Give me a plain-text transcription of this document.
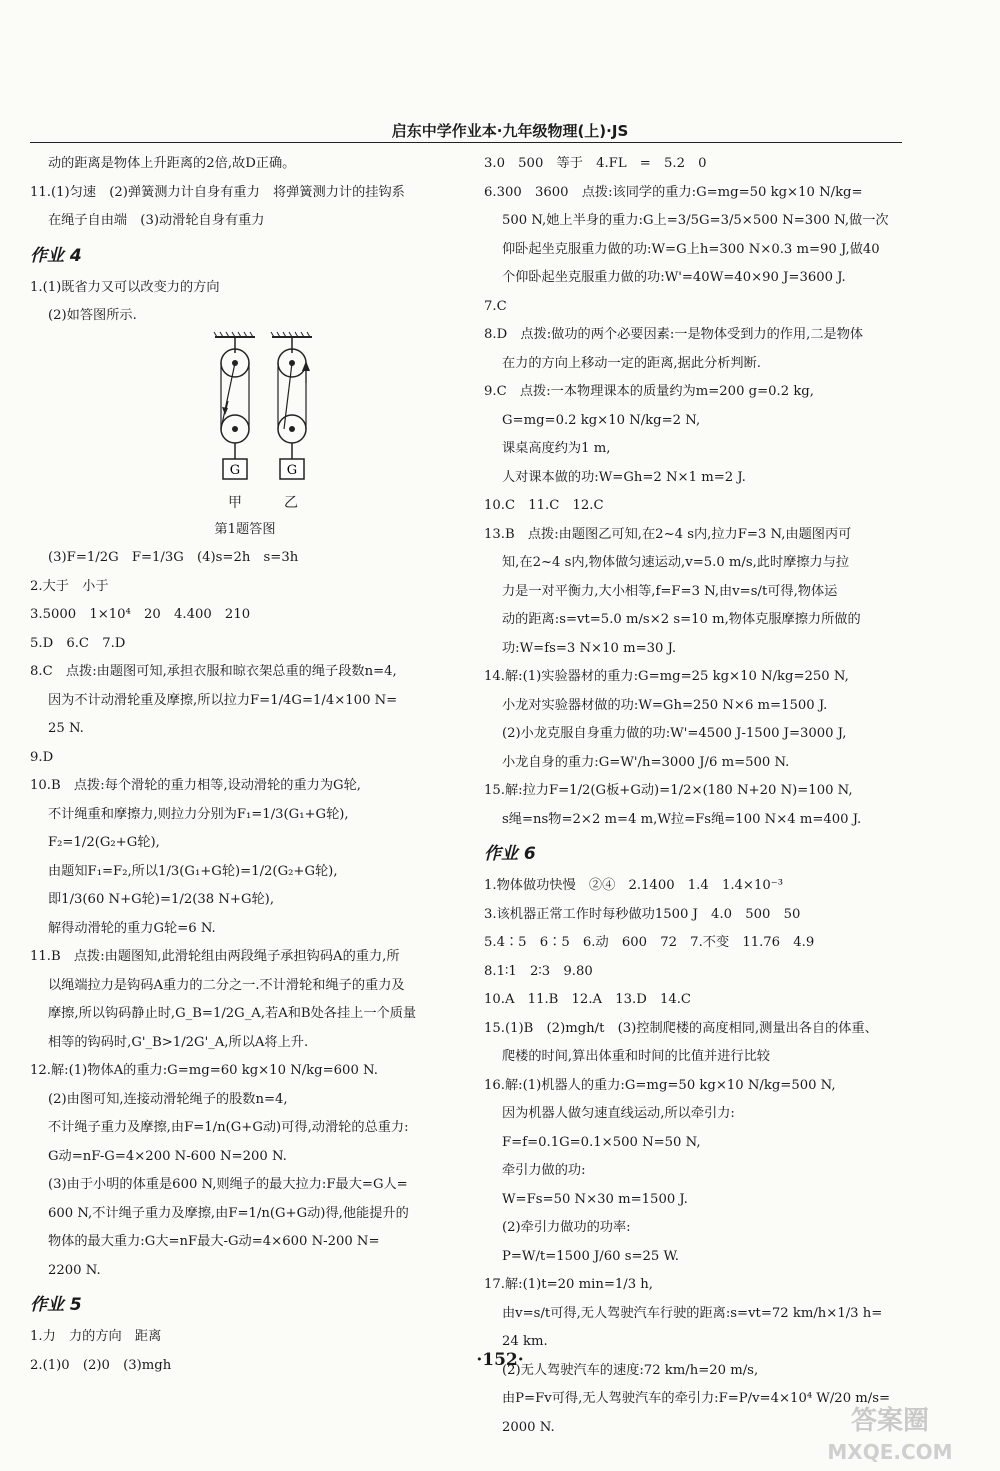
启东中学作业本·九年级物理(上)·JS

动的距离是物体上升距离的2倍,故D正确。

11.(1)匀速　(2)弹簧测力计自身有重力　将弹簧测力计的挂钩系

在绳子自由端　(3)动滑轮自身有重力

作业 4

1.(1)既省力又可以改变力的方向

(2)如答图所示.

G	G
甲	乙

第1题答图

(3)F=1/2G　F=1/3G　(4)s=2h　s=3h

2.大于　小于

3.5000　1×10⁴　20　4.400　210

5.D　6.C　7.D

8.C　点拨:由题图可知,承担衣服和晾衣架总重的绳子段数n=4,

因为不计动滑轮重及摩擦,所以拉力F=1/4G=1/4×100 N=

25 N.

9.D

10.B　点拨:每个滑轮的重力相等,设动滑轮的重力为G轮,

不计绳重和摩擦力,则拉力分别为F₁=1/3(G₁+G轮),

F₂=1/2(G₂+G轮),

由题知F₁=F₂,所以1/3(G₁+G轮)=1/2(G₂+G轮),

即1/3(60 N+G轮)=1/2(38 N+G轮),

解得动滑轮的重力G轮=6 N.

11.B　点拨:由题图知,此滑轮组由两段绳子承担钩码A的重力,所

以绳端拉力是钩码A重力的二分之一.不计滑轮和绳子的重力及

摩擦,所以钩码静止时,G_B=1/2G_A,若A和B处各挂上一个质量

相等的钩码时,G'_B>1/2G'_A,所以A将上升.

12.解:(1)物体A的重力:G=mg=60 kg×10 N/kg=600 N.

(2)由图可知,连接动滑轮绳子的股数n=4,

不计绳子重力及摩擦,由F=1/n(G+G动)可得,动滑轮的总重力:

G动=nF-G=4×200 N-600 N=200 N.

(3)由于小明的体重是600 N,则绳子的最大拉力:F最大=G人=

600 N,不计绳子重力及摩擦,由F=1/n(G+G动)得,他能提升的

物体的最大重力:G大=nF最大-G动=4×600 N-200 N=

2200 N.

作业 5

1.力　力的方向　距离

2.(1)0　(2)0　(3)mgh

3.0　500　等于　4.FL　=　5.2　0

6.300　3600　点拨:该同学的重力:G=mg=50 kg×10 N/kg=

500 N,她上半身的重力:G上=3/5G=3/5×500 N=300 N,做一次

仰卧起坐克服重力做的功:W=G上h=300 N×0.3 m=90 J,做40

个仰卧起坐克服重力做的功:W'=40W=40×90 J=3600 J.

7.C

8.D　点拨:做功的两个必要因素:一是物体受到力的作用,二是物体

在力的方向上移动一定的距离,据此分析判断.

9.C　点拨:一本物理课本的质量约为m=200 g=0.2 kg,

G=mg=0.2 kg×10 N/kg=2 N,

课桌高度约为1 m,

人对课本做的功:W=Gh=2 N×1 m=2 J.

10.C　11.C　12.C

13.B　点拨:由题图乙可知,在2~4 s内,拉力F=3 N,由题图丙可

知,在2~4 s内,物体做匀速运动,v=5.0 m/s,此时摩擦力与拉

力是一对平衡力,大小相等,f=F=3 N,由v=s/t可得,物体运

动的距离:s=vt=5.0 m/s×2 s=10 m,物体克服摩擦力所做的

功:W=fs=3 N×10 m=30 J.

14.解:(1)实验器材的重力:G=mg=25 kg×10 N/kg=250 N,

小龙对实验器材做的功:W=Gh=250 N×6 m=1500 J.

(2)小龙克服自身重力做的功:W'=4500 J-1500 J=3000 J,

小龙自身的重力:G=W'/h=3000 J/6 m=500 N.

15.解:拉力F=1/2(G板+G动)=1/2×(180 N+20 N)=100 N,

s绳=ns物=2×2 m=4 m,W拉=Fs绳=100 N×4 m=400 J.

作业 6

1.物体做功快慢　②④　2.1400　1.4　1.4×10⁻³

3.该机器正常工作时每秒做功1500 J　4.0　500　50

5.4∶5　6∶5　6.动　600　72　7.不变　11.76　4.9

8.1∶1　2∶3　9.80

10.A　11.B　12.A　13.D　14.C

15.(1)B　(2)mgh/t　(3)控制爬楼的高度相同,测量出各自的体重、

爬楼的时间,算出体重和时间的比值并进行比较

16.解:(1)机器人的重力:G=mg=50 kg×10 N/kg=500 N,

因为机器人做匀速直线运动,所以牵引力:

F=f=0.1G=0.1×500 N=50 N,

牵引力做的功:

W=Fs=50 N×30 m=1500 J.

(2)牵引力做功的功率:

P=W/t=1500 J/60 s=25 W.

17.解:(1)t=20 min=1/3 h,

由v=s/t可得,无人驾驶汽车行驶的距离:s=vt=72 km/h×1/3 h=

24 km.

(2)无人驾驶汽车的速度:72 km/h=20 m/s,

由P=Fv可得,无人驾驶汽车的牵引力:F=P/v=4×10⁴ W/20 m/s=

2000 N.

·152·
答案圈
MXQE.COM
